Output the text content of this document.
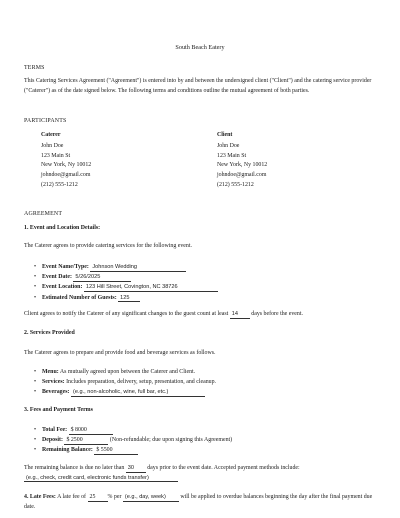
South Beach Eatery
TERMS

This Catering Services Agreement ("Agreement") is entered into by and between the undersigned client ("Client") and the catering service provider ("Caterer") as of the date signed below. The following terms and conditions outline the mutual agreement of both parties.

PARTICIPANTS
Caterer
John Doe
123 Main St
New York, Ny 10012
johndoe@gmail.com
(212) 555-1212
Client
John Doe
123 Main St
New York, Ny 10012
johndoe@gmail.com
(212) 555-1212
AGREEMENT
1. Event and Location Details:

The Caterer agrees to provide catering services for the following event.

• Event Name/Type: Johnson Wedding
• Event Date: 5/26/2025
• Event Location: 123 Hill Street, Covington, NC 38726
• Estimated Number of Guests: 125

Client agrees to notify the Caterer of any significant changes to the guest count at least 14 days before the event.

2. Services Provided

The Caterer agrees to prepare and provide food and beverage services as follows.

• Menu: As mutually agreed upon between the Caterer and Client.
• Services: Includes preparation, delivery, setup, presentation, and cleanup.
• Beverages: (e.g., non-alcoholic, wine, full bar, etc.)
3. Fees and Payment Terms
• Total Fee: $ 8000
• Deposit: $ 2500	(Non-refundable; due upon signing this Agreement)
• Remaining Balance: $ 5500

The remaining balance is due no later than 30 days prior to the event date. Accepted payment methods include:
(e.g., check, credit card, electronic funds transfer)

4. Late Fees: A late fee of 25 % per (e.g., day, week) will be applied to overdue balances beginning the day after the final payment due date.
